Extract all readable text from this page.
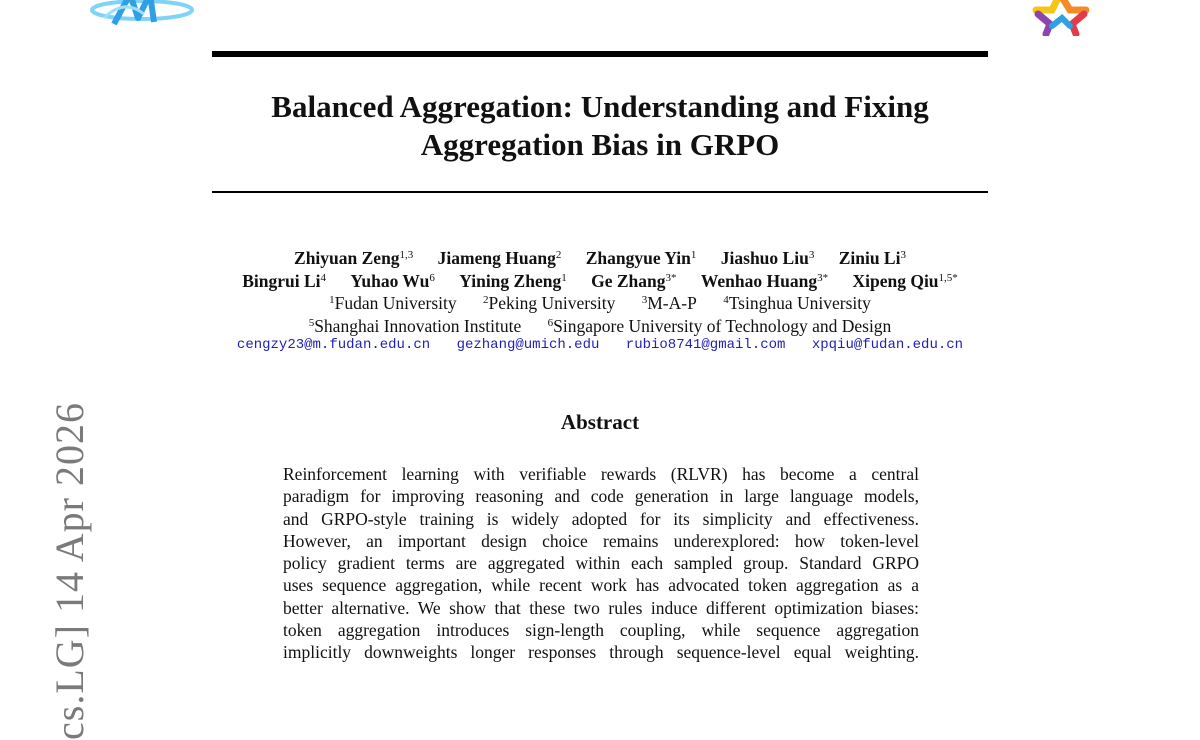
Balanced Aggregation: Understanding and Fixing
Aggregation Bias in GRPO
Zhiyuan Zeng$^{1,3}$ Jiameng Huang$^2$ Zhangyue Yin$^1$ Jiashuo Liu$^3$ Ziniu Li$^3$
Bingrui Li$^4$ Yuhao Wu$^6$ Yining Zheng$^1$ Ge Zhang$^{3*}$ Wenhao Huang$^{3*}$ Xipeng Qiu$^{1,5*}$
$^1$Fudan University $^2$Peking University $^3$M-A-P $^4$Tsinghua University
$^5$Shanghai Innovation Institute $^6$Singapore University of Technology and Design
cengzy23@m.fudan.edu.cn gezhang@umich.edu rubio8741@gmail.com xpqiu@fudan.edu.cn
Abstract
Reinforcement learning with verifiable rewards (RLVR) has become a central
paradigm for improving reasoning and code generation in large language models,
and GRPO-style training is widely adopted for its simplicity and effectiveness.
However, an important design choice remains underexplored: how token-level
policy gradient terms are aggregated within each sampled group. Standard GRPO
uses sequence aggregation, while recent work has advocated token aggregation as a
better alternative. We show that these two rules induce different optimization biases:
token aggregation introduces sign-length coupling, while sequence aggregation
implicitly downweights longer responses through sequence-level equal weighting.
cs.LG] 14 Apr 2026
